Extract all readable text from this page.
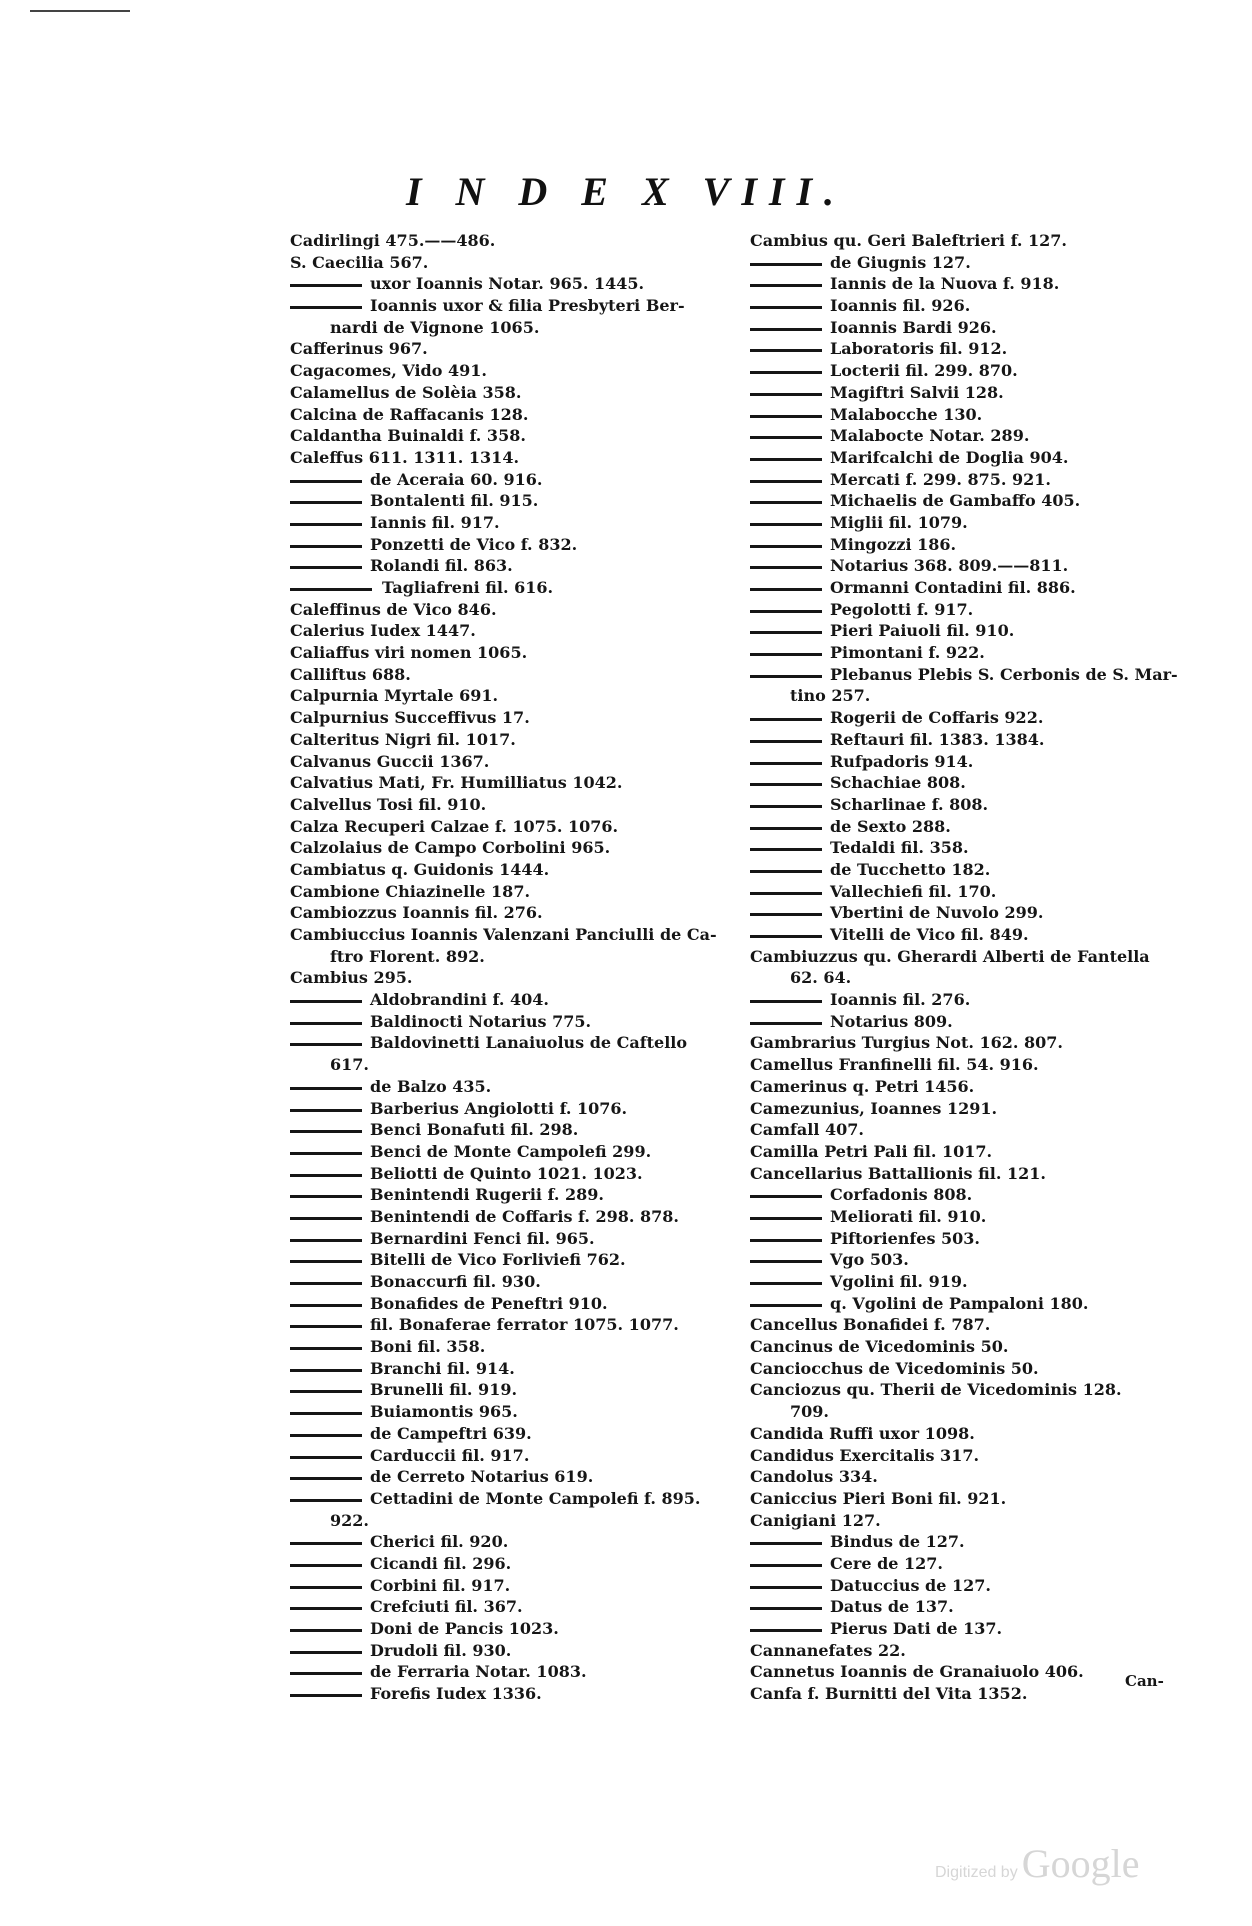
I N D E X VIII.
Cadirlingi 475.——486.
S. Caecilia 567.
uxor Ioannis Notar. 965. 1445.
Ioannis uxor & filia Presbyteri Ber-
nardi de Vignone 1065.
Cafferinus 967.
Cagacomes, Vido 491.
Calamellus de Solèia 358.
Calcina de Raffacanis 128.
Caldantha Buinaldi f. 358.
Caleffus 611. 1311. 1314.
de Aceraia 60. 916.
Bontalenti fil. 915.
Iannis fil. 917.
Ponzetti de Vico f. 832.
Rolandi fil. 863.
Tagliafreni fil. 616.
Caleffinus de Vico 846.
Calerius Iudex 1447.
Caliaffus viri nomen 1065.
Calliftus 688.
Calpurnia Myrtale 691.
Calpurnius Succeffivus 17.
Calteritus Nigri fil. 1017.
Calvanus Guccii 1367.
Calvatius Mati, Fr. Humilliatus 1042.
Calvellus Tosi fil. 910.
Calza Recuperi Calzae f. 1075. 1076.
Calzolaius de Campo Corbolini 965.
Cambiatus q. Guidonis 1444.
Cambione Chiazinelle 187.
Cambiozzus Ioannis fil. 276.
Cambiuccius Ioannis Valenzani Panciulli de Ca-
ftro Florent. 892.
Cambius 295.
Aldobrandini f. 404.
Baldinocti Notarius 775.
Baldovinetti Lanaiuolus de Caftello
617.
de Balzo 435.
Barberius Angiolotti f. 1076.
Benci Bonafuti fil. 298.
Benci de Monte Campolefi 299.
Beliotti de Quinto 1021. 1023.
Benintendi Rugerii f. 289.
Benintendi de Coffaris f. 298. 878.
Bernardini Fenci fil. 965.
Bitelli de Vico Forliviefi 762.
Bonaccurfi fil. 930.
Bonafides de Peneftri 910.
fil. Bonaferae ferrator 1075. 1077.
Boni fil. 358.
Branchi fil. 914.
Brunelli fil. 919.
Buiamontis 965.
de Campeftri 639.
Carduccii fil. 917.
de Cerreto Notarius 619.
Cettadini de Monte Campolefi f. 895.
922.
Cherici fil. 920.
Cicandi fil. 296.
Corbini fil. 917.
Crefciuti fil. 367.
Doni de Pancis 1023.
Drudoli fil. 930.
de Ferraria Notar. 1083.
Forefis Iudex 1336.
Cambius qu. Geri Baleftrieri f. 127.
de Giugnis 127.
Iannis de la Nuova f. 918.
Ioannis fil. 926.
Ioannis Bardi 926.
Laboratoris fil. 912.
Locterii fil. 299. 870.
Magiftri Salvii 128.
Malabocche 130.
Malabocte Notar. 289.
Marifcalchi de Doglia 904.
Mercati f. 299. 875. 921.
Michaelis de Gambaffo 405.
Miglii fil. 1079.
Mingozzi 186.
Notarius 368. 809.——811.
Ormanni Contadini fil. 886.
Pegolotti f. 917.
Pieri Paiuoli fil. 910.
Pimontani f. 922.
Plebanus Plebis S. Cerbonis de S. Mar-
tino 257.
Rogerii de Coffaris 922.
Reftauri fil. 1383. 1384.
Rufpadoris 914.
Schachiae 808.
Scharlinae f. 808.
de Sexto 288.
Tedaldi fil. 358.
de Tucchetto 182.
Vallechiefi fil. 170.
Vbertini de Nuvolo 299.
Vitelli de Vico fil. 849.
Cambiuzzus qu. Gherardi Alberti de Fantella
62. 64.
Ioannis fil. 276.
Notarius 809.
Gambrarius Turgius Not. 162. 807.
Camellus Franfinelli fil. 54. 916.
Camerinus q. Petri 1456.
Camezunius, Ioannes 1291.
Camfall 407.
Camilla Petri Pali fil. 1017.
Cancellarius Battallionis fil. 121.
Corfadonis 808.
Meliorati fil. 910.
Piftorienfes 503.
Vgo 503.
Vgolini fil. 919.
q. Vgolini de Pampaloni 180.
Cancellus Bonafidei f. 787.
Cancinus de Vicedominis 50.
Canciocchus de Vicedominis 50.
Canciozus qu. Therii de Vicedominis 128.
709.
Candida Ruffi uxor 1098.
Candidus Exercitalis 317.
Candolus 334.
Caniccius Pieri Boni fil. 921.
Canigiani 127.
Bindus de 127.
Cere de 127.
Datuccius de 127.
Datus de 137.
Pierus Dati de 137.
Cannanefates 22.
Cannetus Ioannis de Granaiuolo 406.
Canfa f. Burnitti del Vita 1352.
Can-
Digitized by Google
